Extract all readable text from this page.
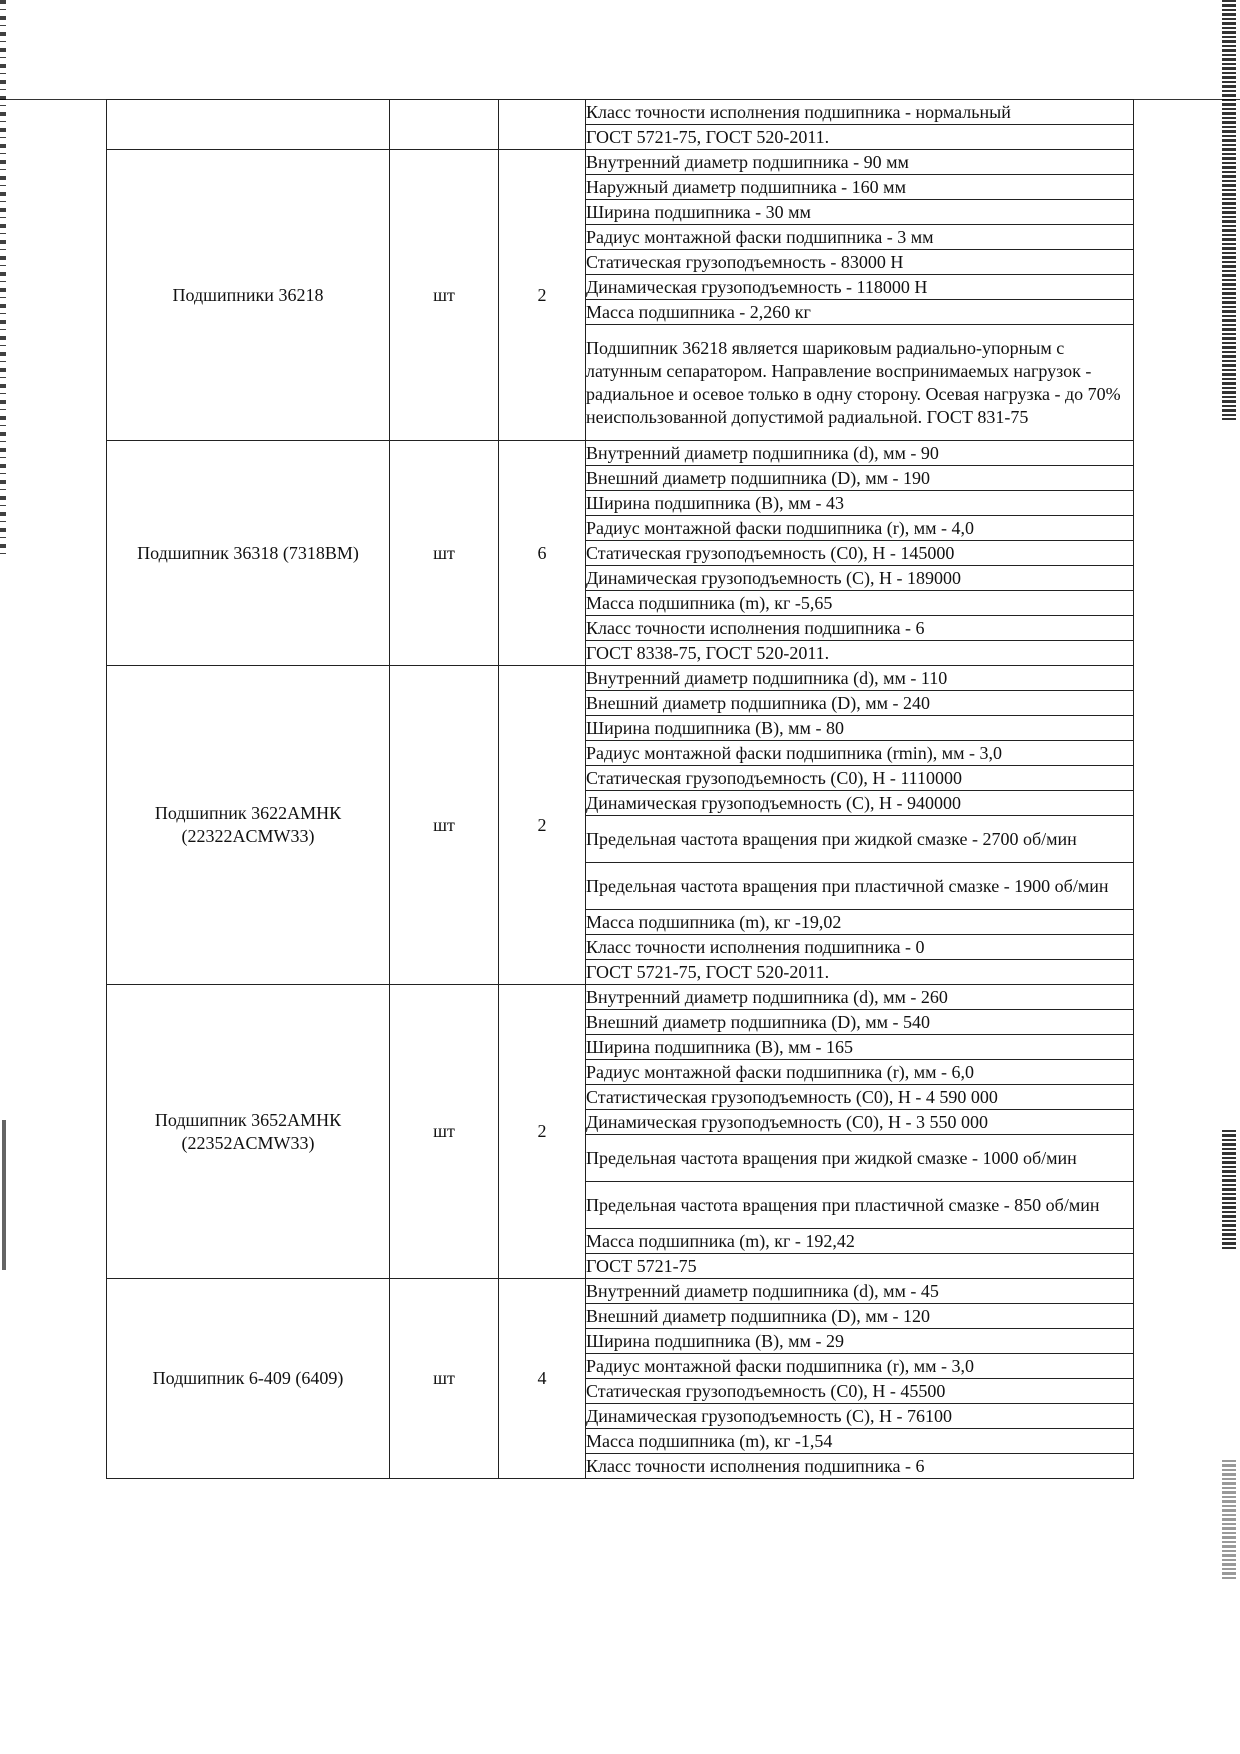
			Класс точности исполнения подшипника - нормальный
			ГОСТ 5721-75, ГОСТ 520-2011.
Подшипники 36218	шт	2	Внутренний диаметр подшипника - 90 мм
			Наружный диаметр подшипника - 160 мм
			Ширина подшипника - 30 мм
			Радиус монтажной фаски подшипника - 3 мм
			Статическая грузоподъемность - 83000 Н
			Динамическая грузоподъемность - 118000 Н
			Масса подшипника - 2,260 кг
			Подшипник 36218 является шариковым радиально-упорным с латунным сепаратором. Направление воспринимаемых нагрузок - радиальное и осевое только в одну сторону. Осевая нагрузка - до 70% неиспользованной допустимой радиальной. ГОСТ 831-75
Подшипник 36318 (7318ВМ)	шт	6	Внутренний диаметр подшипника (d), мм - 90
			Внешний диаметр подшипника (D), мм - 190
			Ширина подшипника (В), мм - 43
			Радиус монтажной фаски подшипника (r), мм - 4,0
			Статическая грузоподъемность (С0), Н - 145000
			Динамическая грузоподъемность (С), Н - 189000
			Масса подшипника (m), кг -5,65
			Класс точности исполнения подшипника - 6
			ГОСТ 8338-75, ГОСТ 520-2011.
Подшипник 3622АМНК (22322ACMW33)	шт	2	Внутренний диаметр подшипника (d), мм - 110
			Внешний диаметр подшипника (D), мм - 240
			Ширина подшипника (В), мм - 80
			Радиус монтажной фаски подшипника (rmin), мм - 3,0
			Статическая грузоподъемность (С0), Н - 1110000
			Динамическая грузоподъемность (С), Н - 940000
			Предельная частота вращения при жидкой смазке - 2700 об/мин
			Предельная частота вращения при пластичной смазке - 1900 об/мин
			Масса подшипника (m), кг -19,02
			Класс точности исполнения подшипника - 0
			ГОСТ 5721-75, ГОСТ 520-2011.
Подшипник 3652АМНК (22352ACMW33)	шт	2	Внутренний диаметр подшипника (d), мм - 260
			Внешний диаметр подшипника (D), мм - 540
			Ширина подшипника (В), мм - 165
			Радиус монтажной фаски подшипника (r), мм - 6,0
			Статистическая грузоподъемность (С0), Н - 4 590 000
			Динамическая грузоподъемность (С0), Н - 3 550 000
			Предельная частота вращения при жидкой смазке - 1000 об/мин
			Предельная частота вращения при пластичной смазке - 850 об/мин
			Масса подшипника (m), кг - 192,42
			ГОСТ 5721-75
Подшипник 6-409 (6409)	шт	4	Внутренний диаметр подшипника (d), мм - 45
			Внешний диаметр подшипника (D), мм - 120
			Ширина подшипника (В), мм - 29
			Радиус монтажной фаски подшипника (r), мм - 3,0
			Статическая грузоподъемность (С0), Н - 45500
			Динамическая грузоподъемность (С), Н - 76100
			Масса подшипника (m), кг -1,54
			Класс точности исполнения подшипника - 6
